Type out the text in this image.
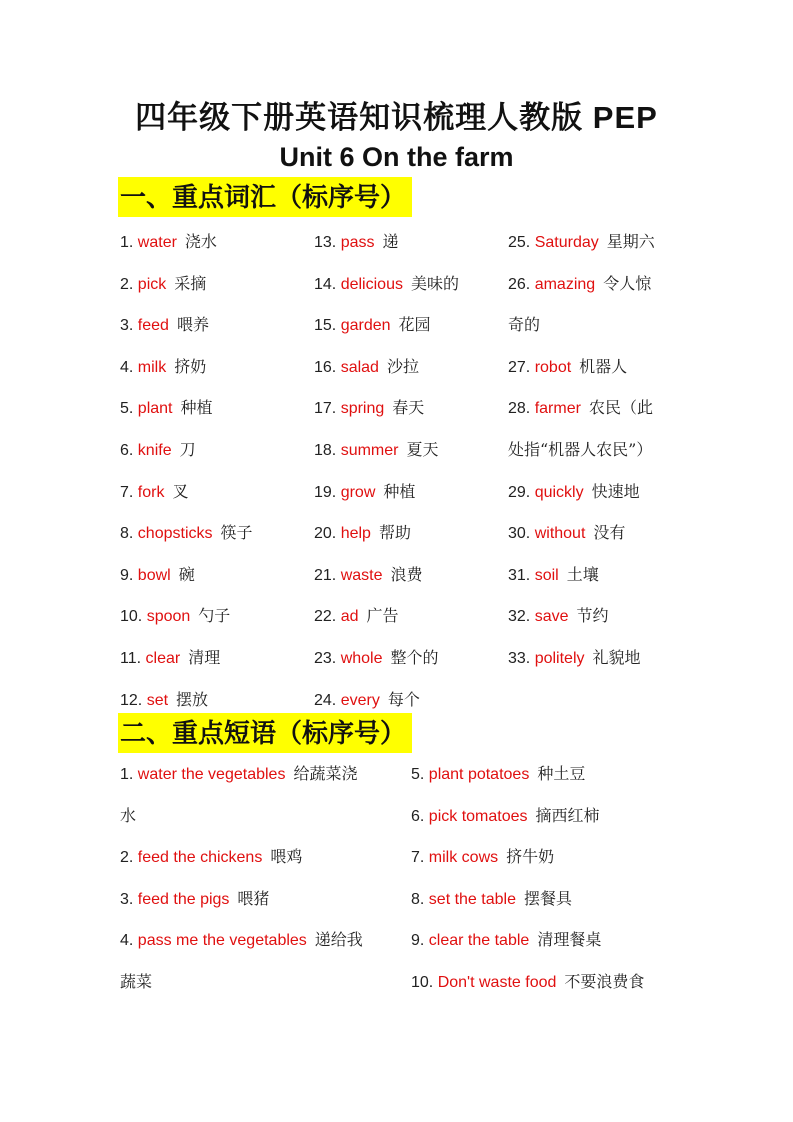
四年级下册英语知识梳理人教版 PEP
Unit 6 On the farm
一、重点词汇（标序号）
1. water 浇水
2. pick 采摘
3. feed 喂养
4. milk 挤奶
5. plant 种植
6. knife 刀
7. fork 叉
8. chopsticks 筷子
9. bowl 碗
10. spoon 勺子
11. clear 清理
12. set 摆放
13. pass 递
14. delicious 美味的
15. garden 花园
16. salad 沙拉
17. spring 春天
18. summer 夏天
19. grow 种植
20. help 帮助
21. waste 浪费
22. ad 广告
23. whole 整个的
24. every 每个
25. Saturday 星期六
26. amazing 令人惊
奇的
27. robot 机器人
28. farmer 农民（此
处指“机器人农民”）
29. quickly 快速地
30. without 没有
31. soil 土壤
32. save 节约
33. politely 礼貌地
二、重点短语（标序号）
1. water the vegetables 给蔬菜浇
水
2. feed the chickens 喂鸡
3. feed the pigs 喂猪
4. pass me the vegetables 递给我
蔬菜
5. plant potatoes 种土豆
6. pick tomatoes 摘西红柿
7. milk cows 挤牛奶
8. set the table 摆餐具
9. clear the table 清理餐桌
10. Don't waste food 不要浪费食
